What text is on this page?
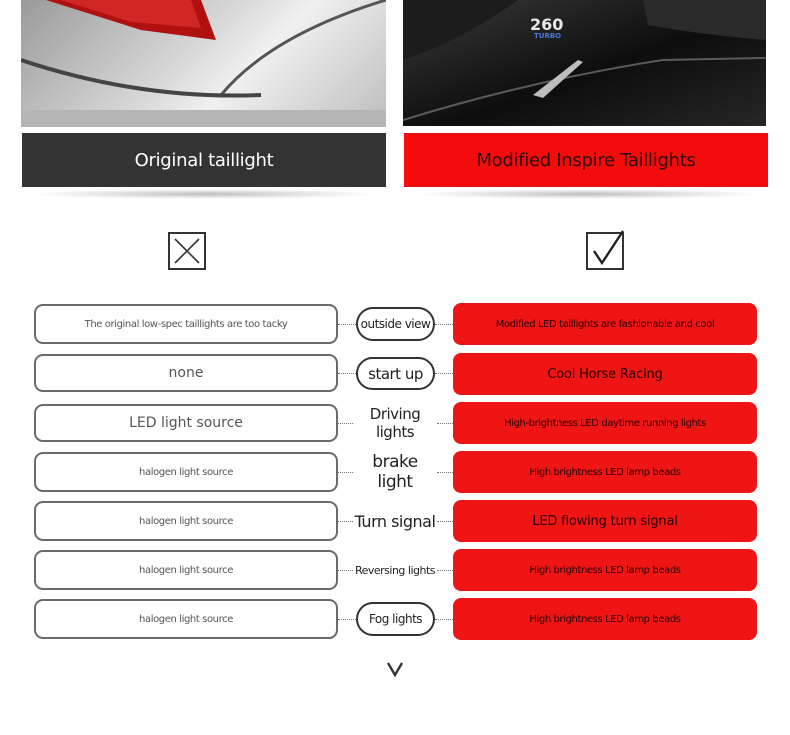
260
TURBO
Original taillight	Modified Inspire Taillights
The original low-spec taillights are too tacky	outside view	Modified LED taillights are fashionable and cool
none	start up	Cool Horse Racing
LED light source	Driving lights	High-brightness LED daytime running lights
halogen light source	brake light	High brightness LED lamp beads
halogen light source	Turn signal	LED flowing turn signal
halogen light source	Reversing lights	High brightness LED lamp beads
halogen light source	Fog lights	High brightness LED lamp beads
